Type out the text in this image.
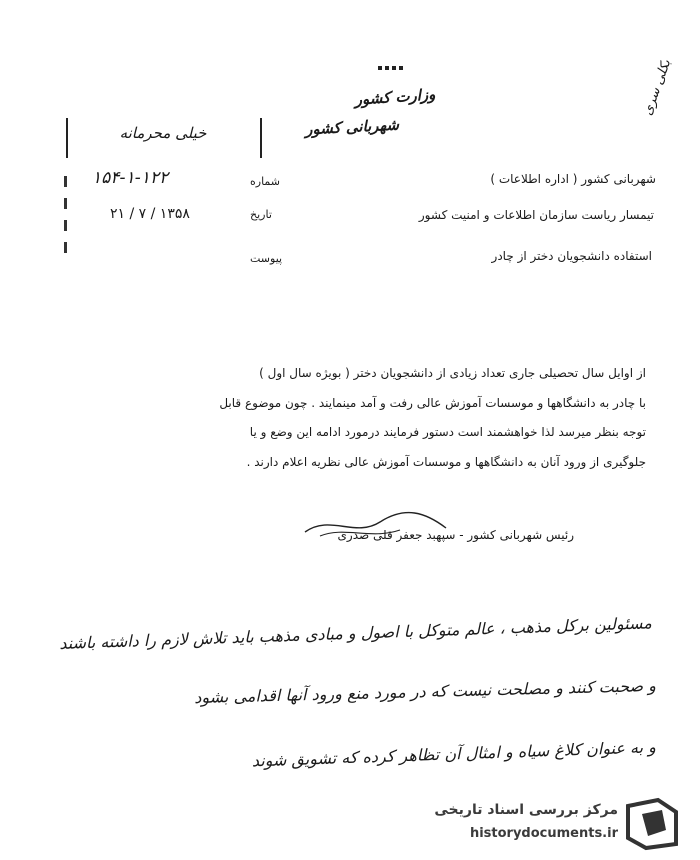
وزارت کشور
شهربانی کشور
بکلی سری
خیلی محرمانه
شماره
تاریخ
پیوست
۱۵۴-۱-۱۲۲
۲۱ / ۷ / ۱۳۵۸
شهربانی کشور ( اداره اطلاعات )
تیمسار ریاست سازمان اطلاعات و امنیت کشور
استفاده دانشجویان دختر از چادر
از اوایل سال تحصیلی جاری تعداد زیادی از دانشجویان دختر ( بویژه سال اول )
با چادر به دانشگاهها و موسسات آموزش عالی رفت و آمد مینمایند . چون موضوع قابل
توجه بنظر میرسد لذا خواهشمند است دستور فرمایند درمورد ادامه این وضع و یا
جلوگیری از ورود آنان به دانشگاهها و موسسات آموزش عالی نظریه اعلام دارند .
رئیس شهربانی کشور - سپهبد جعفر قلی صدری
مسئولین برکل مذهب ، عالم متوکل با اصول و مبادی مذهب باید تلاش لازم را داشته باشند
و صحبت کنند و مصلحت نیست که در مورد منع ورود آنها اقدامی بشود
و به عنوان کلاغ سیاه و امثال آن تظاهر کرده که تشویق شوند
مرکز بررسی اسناد تاریخی
historydocuments.ir
